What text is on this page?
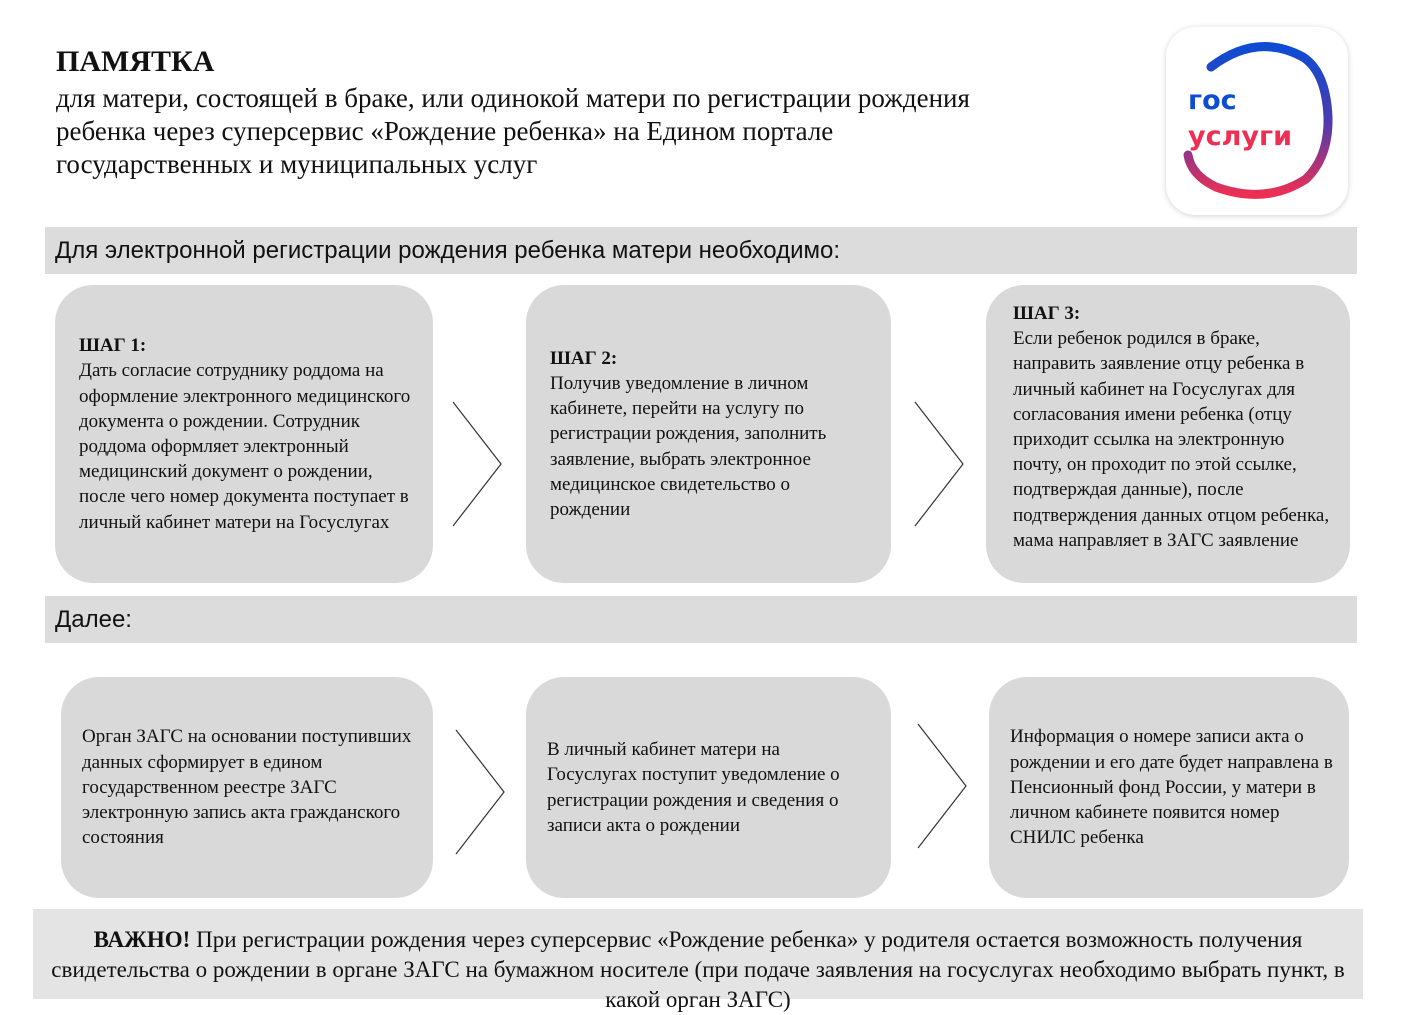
ПАМЯТКА

для матери, состоящей в браке, или одинокой матери по регистрации рождения
ребенка через суперсервис «Рождение ребенка» на Едином портале
государственных и муниципальных услуг

гос
услуги
Для электронной регистрации рождения ребенка матери необходимо:
ШАГ 1:
Дать согласие сотруднику роддома на оформление электронного медицинского документа о рождении. Сотрудник роддома оформляет электронный медицинский документ о рождении, после чего номер документа поступает в личный кабинет матери на Госуслугах
ШАГ 2:
Получив уведомление в личном кабинете, перейти на услугу по регистрации рождения, заполнить заявление, выбрать электронное медицинское свидетельство о рождении
ШАГ 3:
Если ребенок родился в браке, направить заявление отцу ребенка в личный кабинет на Госуслугах для согласования имени ребенка (отцу приходит ссылка на электронную почту, он проходит по этой ссылке, подтверждая данные), после подтверждения данных отцом ребенка, мама направляет в ЗАГС заявление
Далее:
Орган ЗАГС на основании поступивших данных сформирует в едином государственном реестре ЗАГС электронную запись акта гражданского состояния
В личный кабинет матери на Госуслугах поступит уведомление о регистрации рождения и сведения о записи акта о рождении
Информация о номере записи акта о рождении и его дате будет направлена в Пенсионный фонд России, у матери в личном кабинете появится номер СНИЛС ребенка
ВАЖНО! При регистрации рождения через суперсервис «Рождение ребенка» у родителя остается возможность получения свидетельства о рождении в органе ЗАГС на бумажном носителе (при подаче заявления на госуслугах необходимо выбрать пункт, в какой орган ЗАГС)
